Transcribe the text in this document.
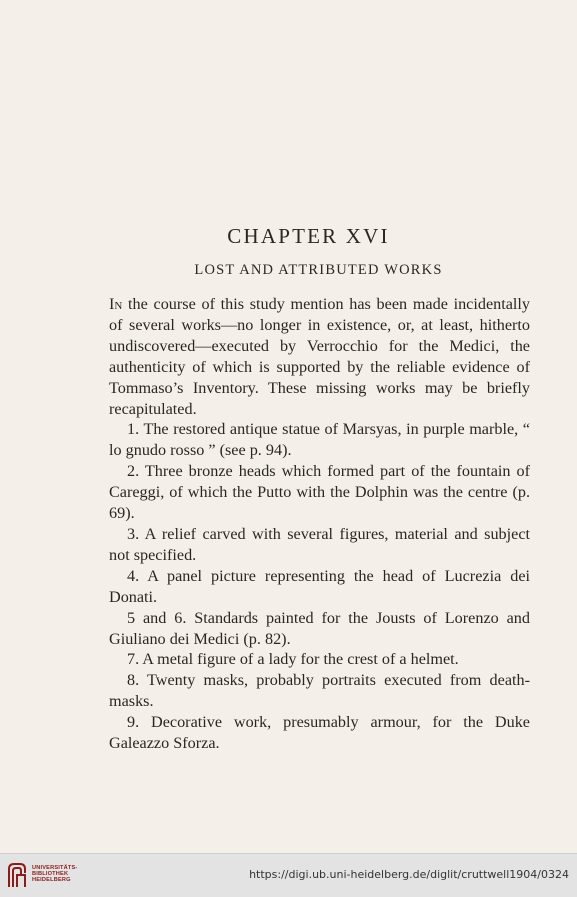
CHAPTER XVI
LOST AND ATTRIBUTED WORKS

In the course of this study mention has been made incidentally of several works—no longer in existence, or, at least, hitherto undiscovered—executed by Verrocchio for the Medici, the authenticity of which is supported by the reliable evidence of Tommaso’s Inventory. These missing works may be briefly recapitulated.

1. The restored antique statue of Marsyas, in purple marble, “ lo gnudo rosso ” (see p. 94).

2. Three bronze heads which formed part of the fountain of Careggi, of which the Putto with the Dolphin was the centre (p. 69).

3. A relief carved with several figures, material and subject not specified.

4. A panel picture representing the head of Lucrezia dei Donati.

5 and 6. Standards painted for the Jousts of Lorenzo and Giuliano dei Medici (p. 82).

7. A metal figure of a lady for the crest of a helmet.

8. Twenty masks, probably portraits executed from death-masks.

9. Decorative work, presumably armour, for the Duke Galeazzo Sforza.

UNIVERSITÄTS-
BIBLIOTHEK
HEIDELBERG	https://digi.ub.uni-heidelberg.de/diglit/cruttwell1904/0324
